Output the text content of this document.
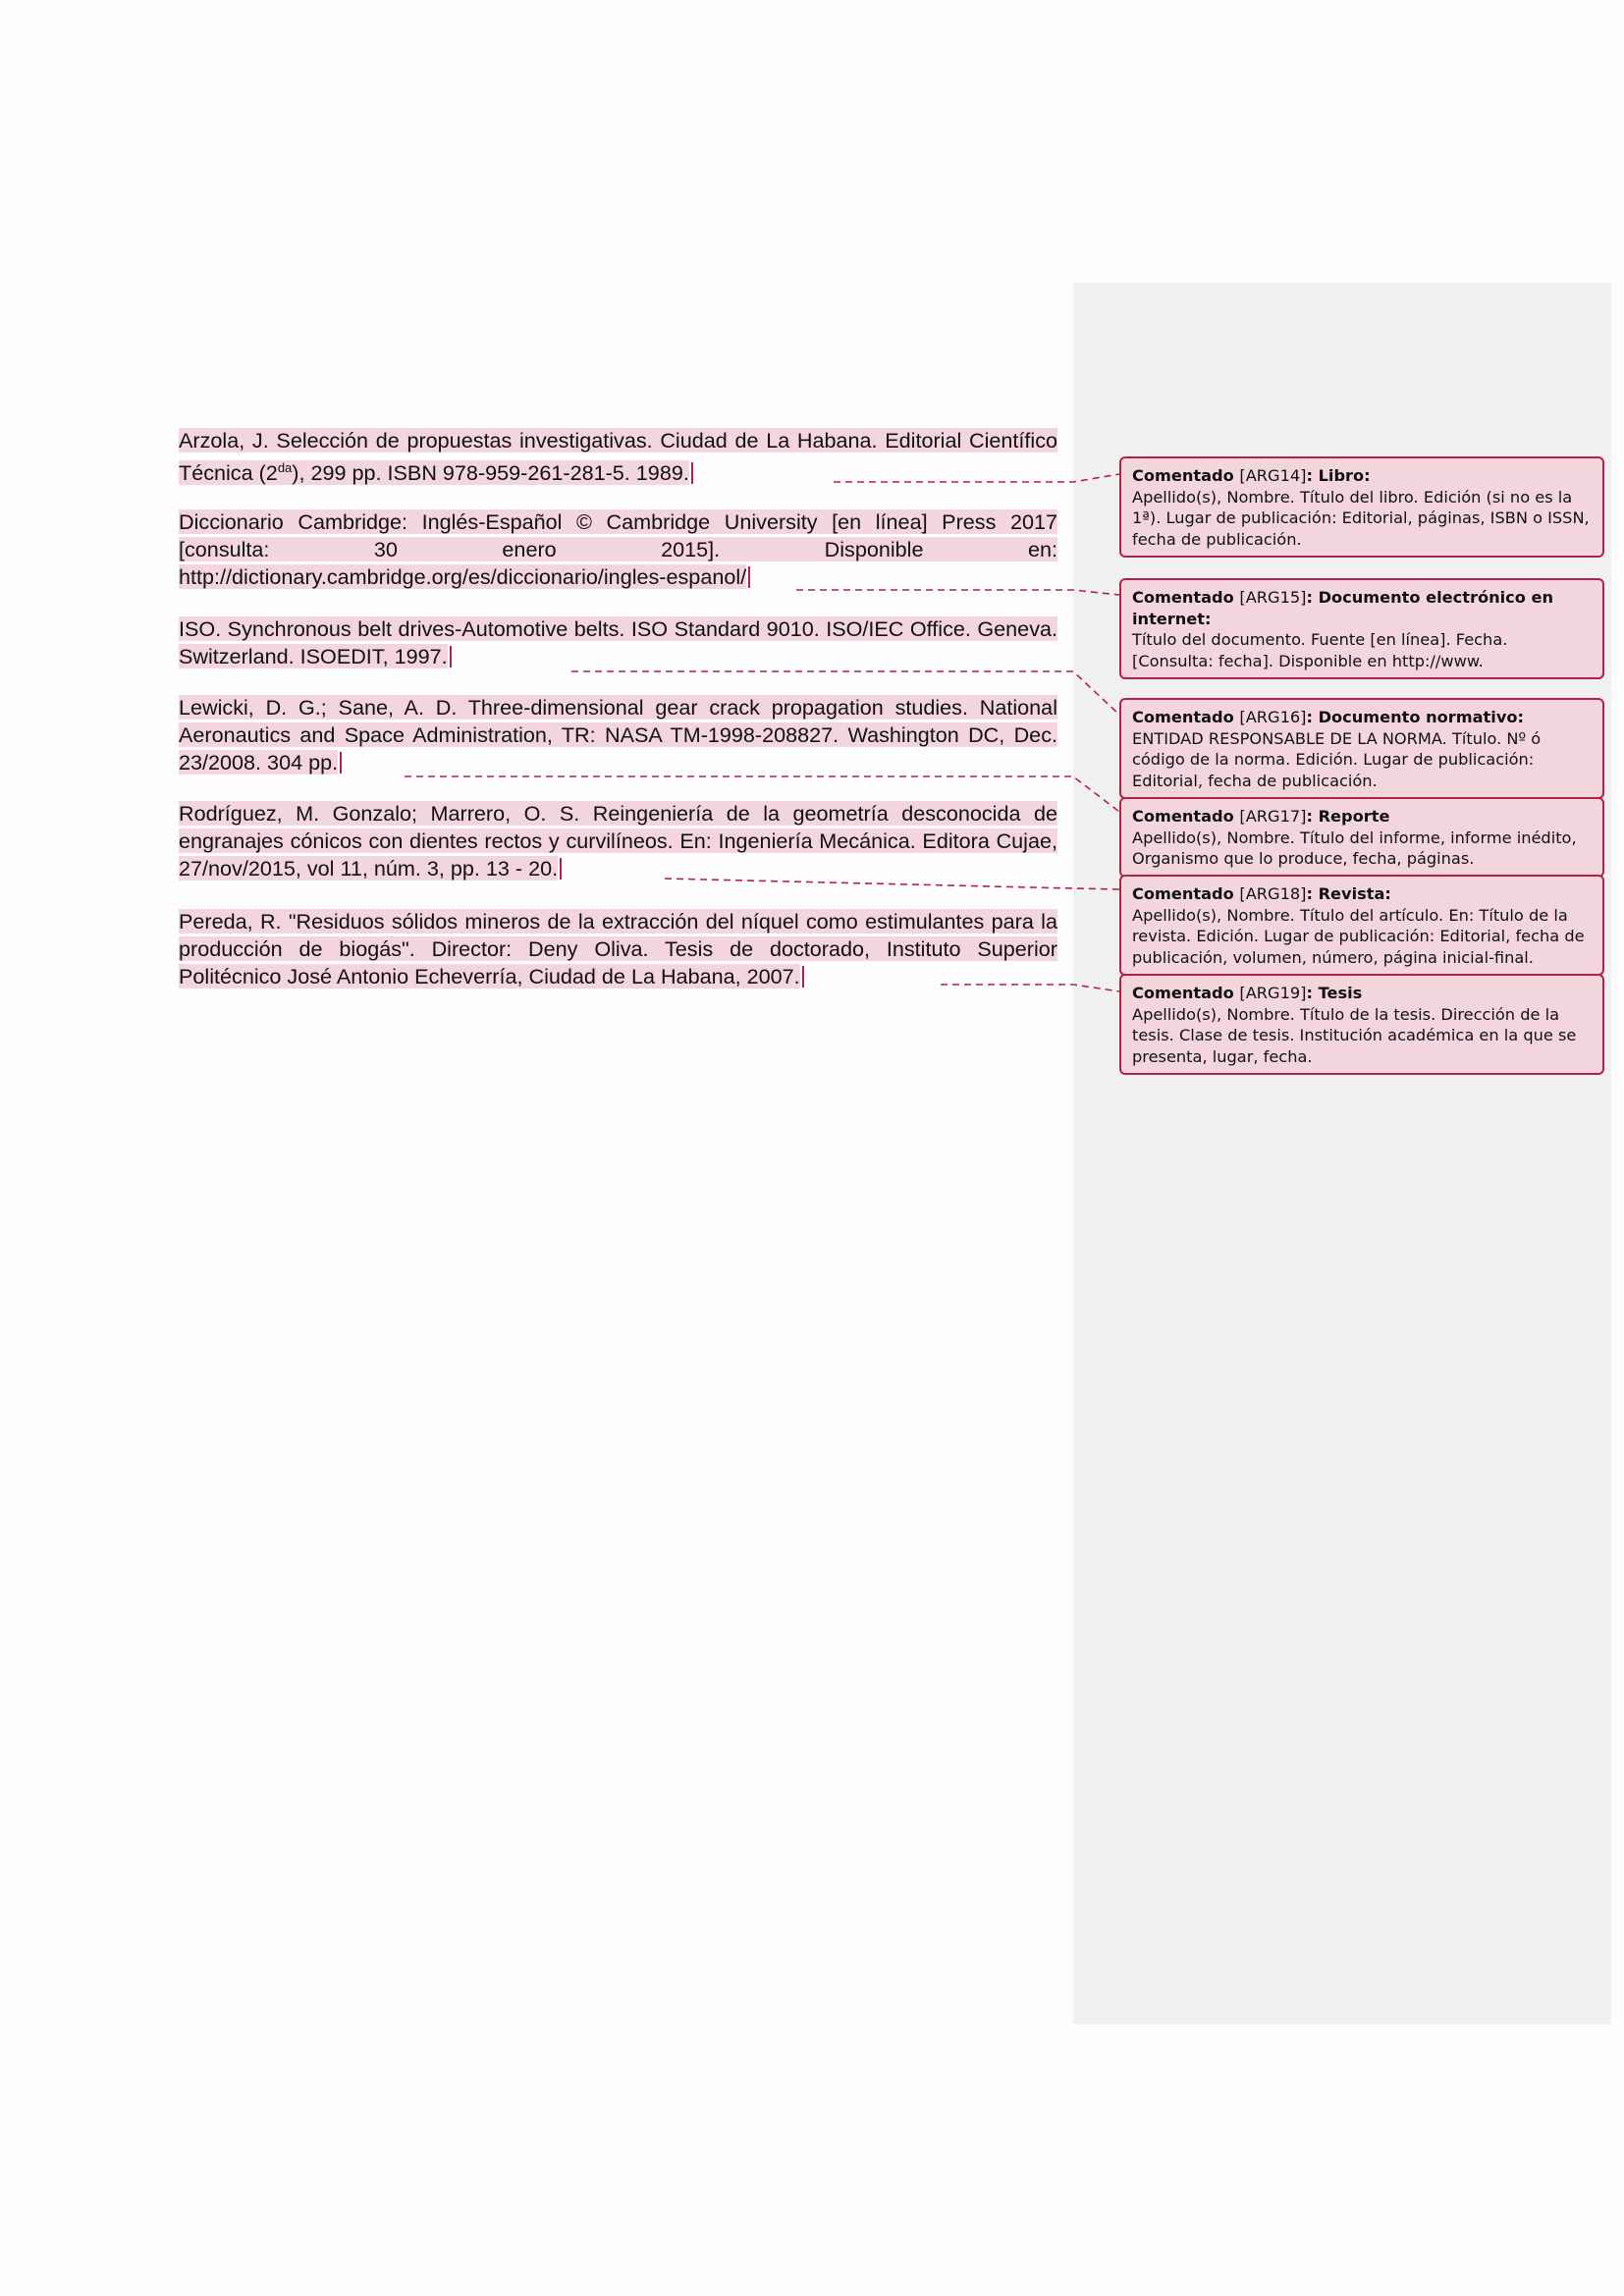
Arzola, J. Selección de propuestas investigativas. Ciudad de La Habana. Editorial Científico Técnica $(2^{da})$, 299 pp. ISBN 978-959-261-281-5. 1989.
Diccionario Cambridge: Inglés-Español © Cambridge University [en línea] Press 2017 [consulta: 30 enero 2015]. Disponible en: http://dictionary.cambridge.org/es/diccionario/ingles-espanol/
ISO. Synchronous belt drives-Automotive belts. ISO Standard 9010. ISO/IEC Office. Geneva. Switzerland. ISOEDIT, 1997.
Lewicki, D. G.; Sane, A. D. Three-dimensional gear crack propagation studies. National Aeronautics and Space Administration, TR: NASA TM-1998-208827. Washington DC, Dec. 23/2008. 304 pp.
Rodríguez, M. Gonzalo; Marrero, O. S. Reingeniería de la geometría desconocida de engranajes cónicos con dientes rectos y curvilíneos. En: Ingeniería Mecánica. Editora Cujae, 27/nov/2015, vol 11, núm. 3, pp. 13 - 20.
Pereda, R. "Residuos sólidos mineros de la extracción del níquel como estimulantes para la producción de biogás". Director: Deny Oliva. Tesis de doctorado, Instituto Superior Politécnico José Antonio Echeverría, Ciudad de La Habana, 2007.
Comentado [ARG14]: Libro:
Apellido(s), Nombre. Título del libro. Edición (si no es la 1ª). Lugar de publicación: Editorial, páginas, ISBN o ISSN, fecha de publicación.
Comentado [ARG15]: Documento electrónico en internet:
Título del documento. Fuente [en línea]. Fecha. [Consulta: fecha]. Disponible en http://www.
Comentado [ARG16]: Documento normativo:
ENTIDAD RESPONSABLE DE LA NORMA. Título. Nº ó código de la norma. Edición. Lugar de publicación: Editorial, fecha de publicación.
Comentado [ARG17]: Reporte
Apellido(s), Nombre. Título del informe, informe inédito, Organismo que lo produce, fecha, páginas.
Comentado [ARG18]: Revista:
Apellido(s), Nombre. Título del artículo. En: Título de la revista. Edición. Lugar de publicación: Editorial, fecha de publicación, volumen, número, página inicial-final.
Comentado [ARG19]: Tesis
Apellido(s), Nombre. Título de la tesis. Dirección de la tesis. Clase de tesis. Institución académica en la que se presenta, lugar, fecha.
